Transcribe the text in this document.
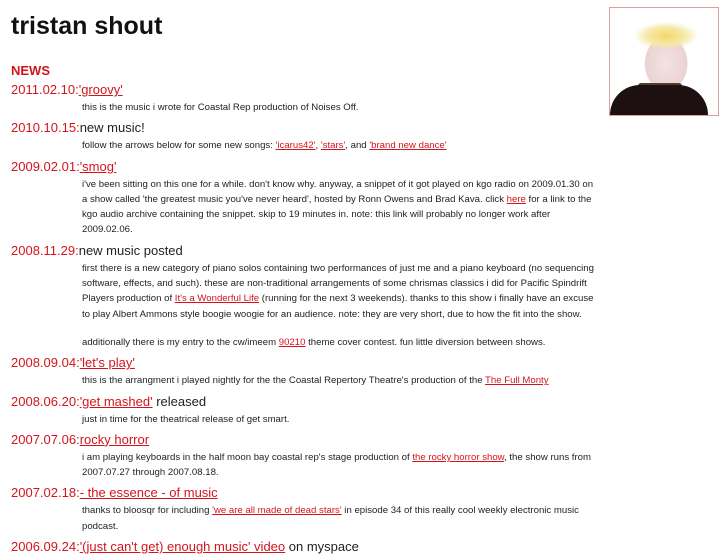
tristan shout
NEWS
2011.02.10:'groovy'

this is the music i wrote for Coastal Rep production of Noises Off.

2010.10.15:new music!

follow the arrows below for some new songs: 'icarus42', 'stars', and 'brand new dance'

2009.02.01:'smog'

i've been sitting on this one for a while. don't know why. anyway, a snippet of it got played on kgo radio on 2009.01.30 on a show called 'the greatest music you've never heard', hosted by Ronn Owens and Brad Kava. click here for a link to the kgo audio archive containing the snippet. skip to 19 minutes in. note: this link will probably no longer work after 2009.02.06.

2008.11.29:new music posted

first there is a new category of piano solos containing two performances of just me and a piano keyboard (no sequencing software, effects, and such). these are non-traditional arrangements of some chrismas classics i did for Pacific Spindrift Players production of It's a Wonderful Life (running for the next 3 weekends). thanks to this show i finally have an excuse to play Albert Ammons style boogie woogie for an audience. note: they are very short, due to how the fit into the show.

additionally there is my entry to the cw/imeem 90210 theme cover contest. fun little diversion between shows.

2008.09.04:'let's play'

this is the arrangment i played nightly for the the Coastal Repertory Theatre's production of the The Full Monty

2008.06.20:'get mashed' released

just in time for the theatrical release of get smart.

2007.07.06:rocky horror

i am playing keyboards in the half moon bay coastal rep's stage production of the rocky horror show, the show runs from 2007.07.27 through 2007.08.18.

2007.02.18:- the essence - of music

thanks to bloosqr for including 'we are all made of dead stars' in episode 34 of this really cool weekly electronic music podcast.

2006.09.24:'(just can't get) enough music' video on myspace
